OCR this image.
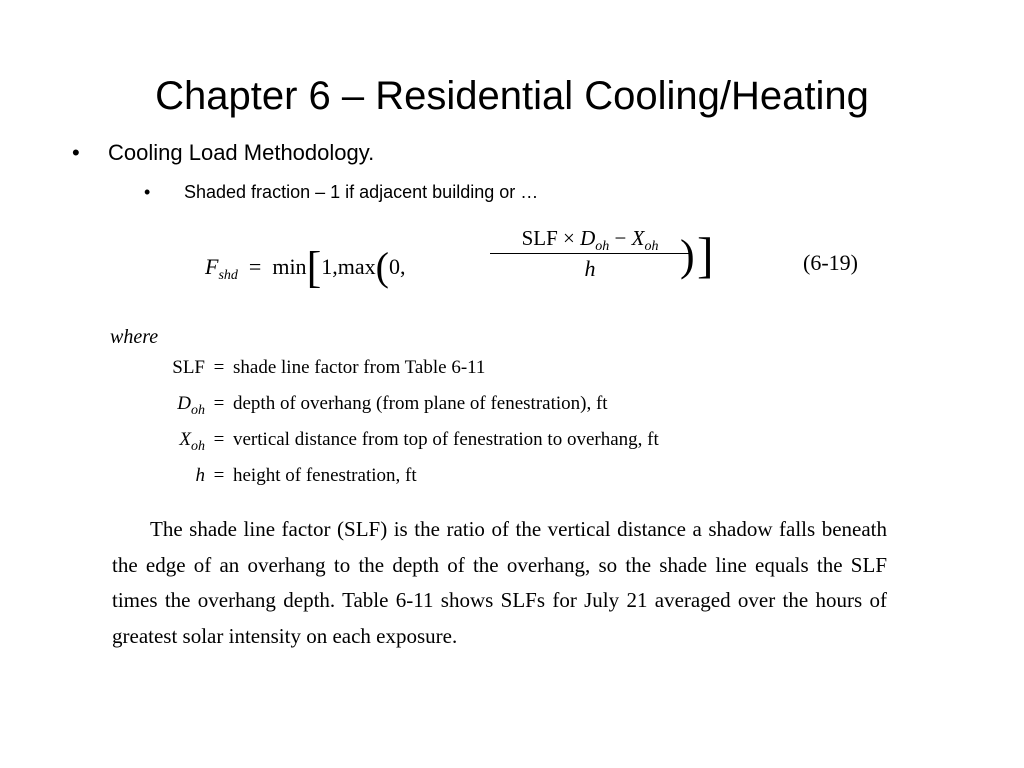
Chapter 6 – Residential Cooling/Heating
•	Cooling Load Methodology.
•	Shaded fraction – 1 if adjacent building or …
$F_{shd} = \min[1,\max(0$,
SLF × $D_{oh} - X_{oh}$
h	) ]	(6-19)
where
SLF = shade line factor from Table 6-11
$D_{oh}$ = depth of overhang (from plane of fenestration), ft
$X_{oh}$ = vertical distance from top of fenestration to overhang, ft
h = height of fenestration, ft

The shade line factor (SLF) is the ratio of the vertical distance a shadow falls beneath the edge of an overhang to the depth of the overhang, so the shade line equals the SLF times the overhang depth. Table 6-11 shows SLFs for July 21 averaged over the hours of greatest solar intensity on each exposure.
